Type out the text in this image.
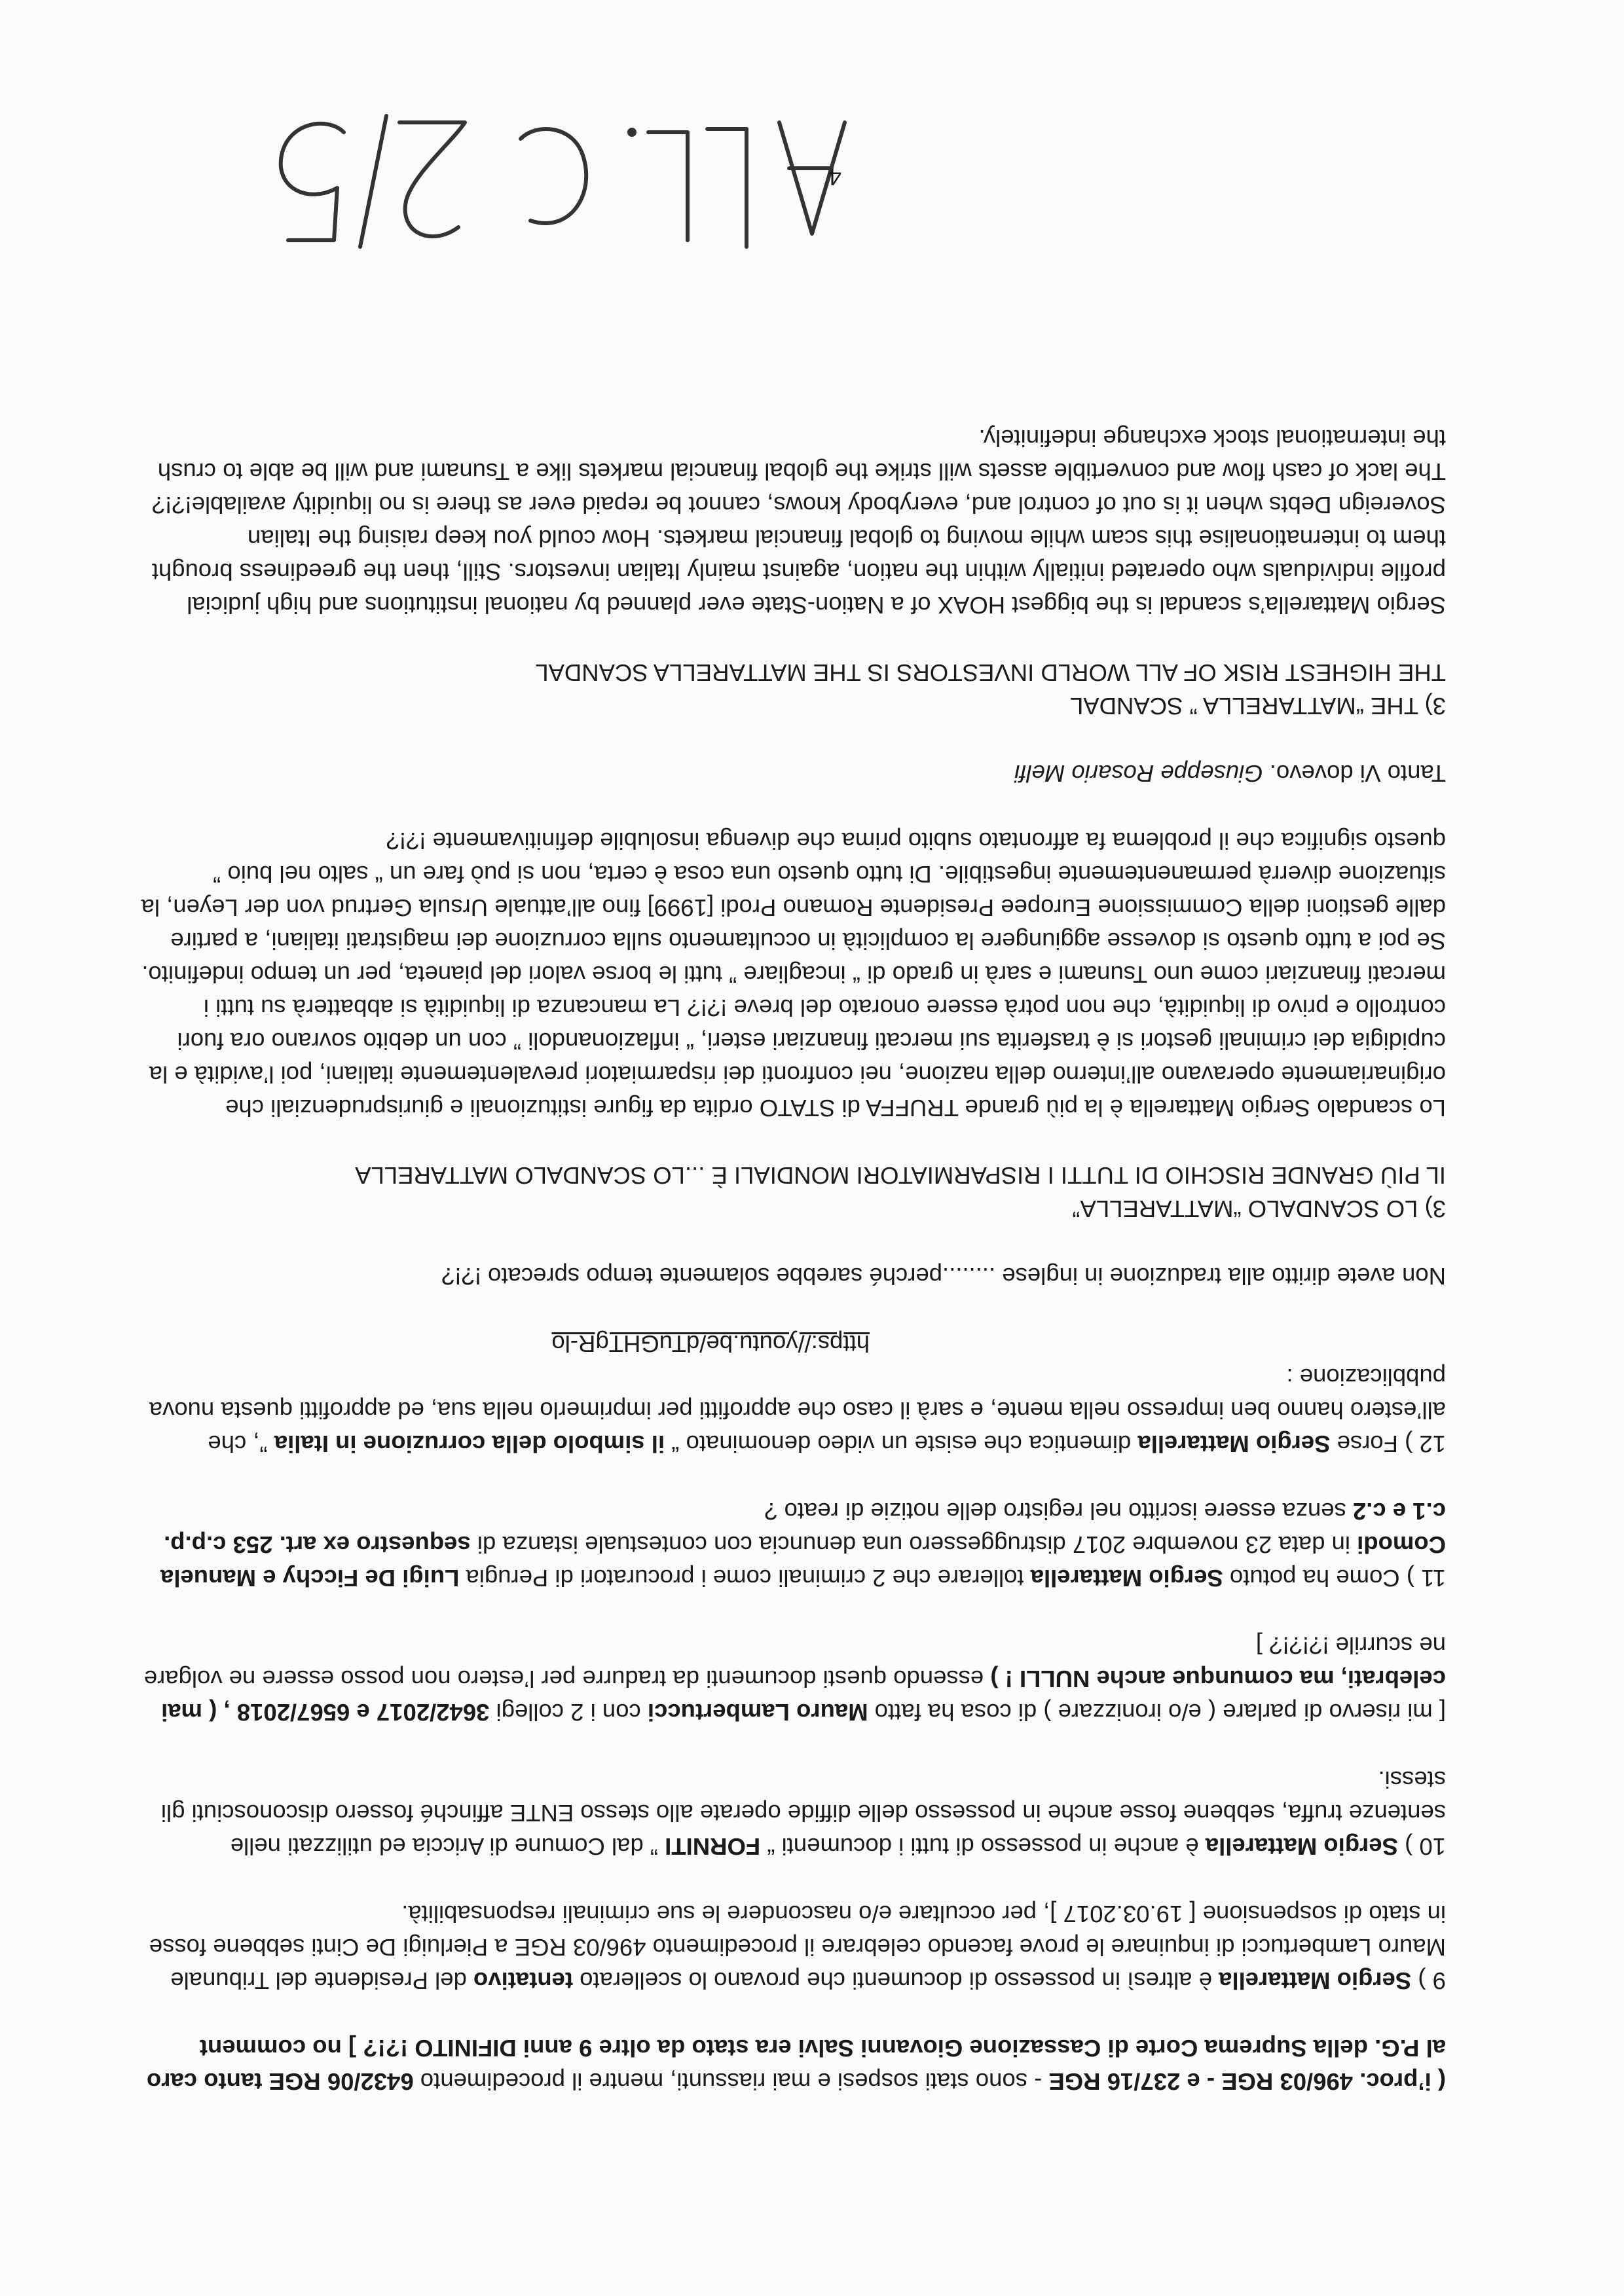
ALL. C 2/5

( i’proc. 496/03 RGE - e 237/16 RGE - sono stati sospesi e mai riassunti, mentre il procedimento 6432/06 RGE tanto caro al P.G. della Suprema Corte di Cassazione Giovanni Salvi era stato da oltre 9 anni DIFINITO !?!? ] no comment

9 ) Sergio Mattarella è altresì in possesso di documenti che provano lo scellerato tentativo del Presidente del Tribunale Mauro Lambertucci di inquinare le prove facendo celebrare il procedimento 496/03 RGE a Pierluigi De Cinti sebbene fosse in stato di sospensione [ 19.03.2017 ], per occultare e/o nascondere le sue criminali responsabilità.

10 ) Sergio Mattarella è anche in possesso di tutti i documenti “ FORNITI ” dal Comune di Ariccia ed utilizzati nelle sentenze truffa, sebbene fosse anche in possesso delle diffide operate allo stesso ENTE affinché fossero disconosciuti gli stessi.

[ mi riservo di parlare ( e/o ironizzare ) di cosa ha fatto Mauro Lambertucci con i 2 collegi 3642/2017 e 6567/2018 , ( mai celebrati, ma comunque anche NULLI ! ) essendo questi documenti da tradurre per l’estero non posso essere ne volgare ne scurrile !?!?!? ]

11 ) Come ha potuto Sergio Mattarella tollerare che 2 criminali come i procuratori di Perugia Luigi De Ficchy e Manuela Comodi in data 23 novembre 2017 distruggessero una denuncia con contestuale istanza di sequestro ex art. 253 c.p.p. c.1 e c.2 senza essere iscritto nel registro delle notizie di reato ?

12 ) Forse Sergio Mattarella dimentica che esiste un video denominato “ il simbolo della corruzione in Italia ”, che all’estero hanno ben impresso nella mente, e sarà il caso che approfitti per imprimerlo nella sua, ed approfitti questa nuova pubblicazione :

https://youtu.be/dTuGHTgR-lo

Non avete diritto alla traduzione in inglese ........perché sarebbe solamente tempo sprecato !?!?

3) LO SCANDALO “MATTARELLA”
IL PIÙ GRANDE RISCHIO DI TUTTI I RISPARMIATORI MONDIALI È ...LO SCANDALO MATTARELLA

Lo scandalo Sergio Mattarella è la più grande TRUFFA di STATO ordita da figure istituzionali e giurisprudenziali che originariamente operavano all’interno della nazione, nei confronti dei risparmiatori prevalentemente italiani, poi l’avidità e la cupidigia dei criminali gestori si è trasferita sui mercati finanziari esteri, “ inflazionandoli ” con un debito sovrano ora fuori controllo e privo di liquidità, che non potrà essere onorato del breve !?!? La mancanza di liquidità si abbatterà su tutti i mercati finanziari come uno Tsunami e sarà in grado di “ incagliare ” tutti le borse valori del pianeta, per un tempo indefinito. Se poi a tutto questo si dovesse aggiungere la complicità in occultamento sulla corruzione dei magistrati italiani, a partire dalle gestioni della Commissione Europee Presidente Romano Prodi [1999] fino all’attuale Ursula Gertrud von der Leyen, la situazione diverrà permanentemente ingestibile. Di tutto questo una cosa è certa, non si può fare un “ salto nel buio ” questo significa che il problema fa affrontato subito prima che divenga insolubile definitivamente !?!?

Tanto Vi dovevo. Giuseppe Rosario Melfi

3) THE “MATTARELLA ” SCANDAL
THE HIGHEST RISK OF ALL WORLD INVESTORS IS THE MATTARELLA SCANDAL

Sergio Mattarella’s scandal is the biggest HOAX of a Nation-State ever planned by national institutions and high judicial profile individuals who operated initially within the nation, against mainly Italian investors. Still, then the greediness brought them to internationalise this scam while moving to global financial markets. How could you keep raising the Italian Sovereign Debts when it is out of control and, everybody knows, cannot be repaid ever as there is no liquidity available!?!? The lack of cash flow and convertible assets will strike the global financial markets like a Tsunami and will be able to crush the international stock exchange indefinitely.

4
